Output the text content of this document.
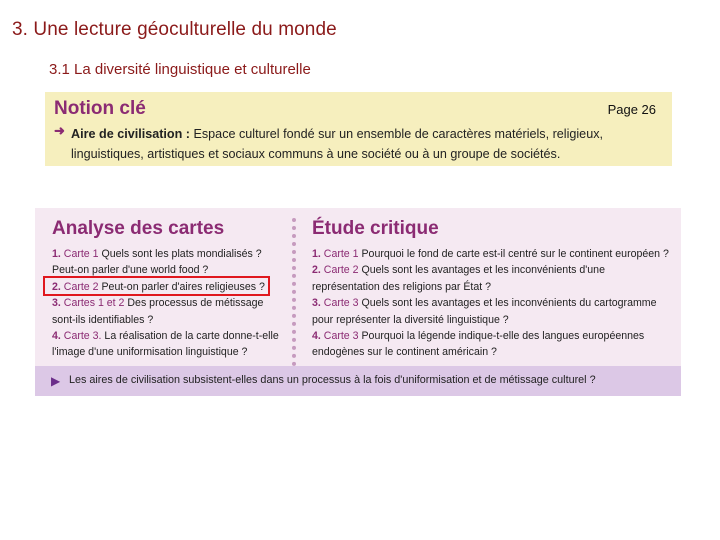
3. Une lecture géoculturelle du monde
3.1 La diversité linguistique et culturelle
Notion clé	Page 26
➜ Aire de civilisation : Espace culturel fondé sur un ensemble de caractères matériels, religieux, linguistiques, artistiques et sociaux communs à une société ou à un groupe de sociétés.
Analyse des cartes

1. Carte 1 Quels sont les plats mondialisés ?

Peut-on parler d'une world food ?

2. Carte 2 Peut-on parler d'aires religieuses ?

3. Cartes 1 et 2 Des processus de métissage

sont-ils identifiables ?

4. Carte 3. La réalisation de la carte donne-t-elle

l'image d'une uniformisation linguistique ?

Étude critique

1. Carte 1 Pourquoi le fond de carte est-il centré sur le continent européen ?

2. Carte 2 Quels sont les avantages et les inconvénients d'une

représentation des religions par État ?

3. Carte 3 Quels sont les avantages et les inconvénients du cartogramme

pour représenter la diversité linguistique ?

4. Carte 3 Pourquoi la légende indique-t-elle des langues européennes

endogènes sur le continent américain ?

▶ Les aires de civilisation subsistent-elles dans un processus à la fois d'uniformisation et de métissage culturel ?
